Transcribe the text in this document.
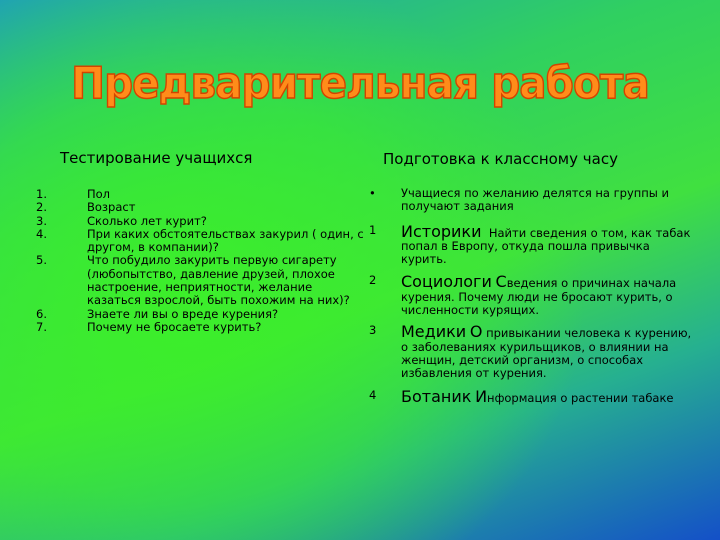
Предварительная работа
Тестирование учащихся	Подготовка к классному часу
1.	Пол
2.	Возраст
3.	Сколько лет курит?
4.	При каких обстоятельствах закурил ( один, с другом, в компании)?
5.	Что побудило закурить первую сигарету (любопытство, давление друзей, плохое настроение, неприятности, желание казаться взрослой, быть похожим на них)?
6.	Знаете ли вы о вреде курения?
7.	Почему не бросаете курить?
•	Учащиеся по желанию делятся на группы и получают задания
1	Историки Найти сведения о том, как табак попал в Европу, откуда пошла привычка курить.
2	Социологи Сведения о причинах начала курения. Почему люди не бросают курить, о численности курящих.
3	Медики О привыкании человека к курению, о заболеваниях курильщиков, о влиянии на женщин, детский организм, о способах избавления от курения.
4	Ботаник Информация о растении табаке
